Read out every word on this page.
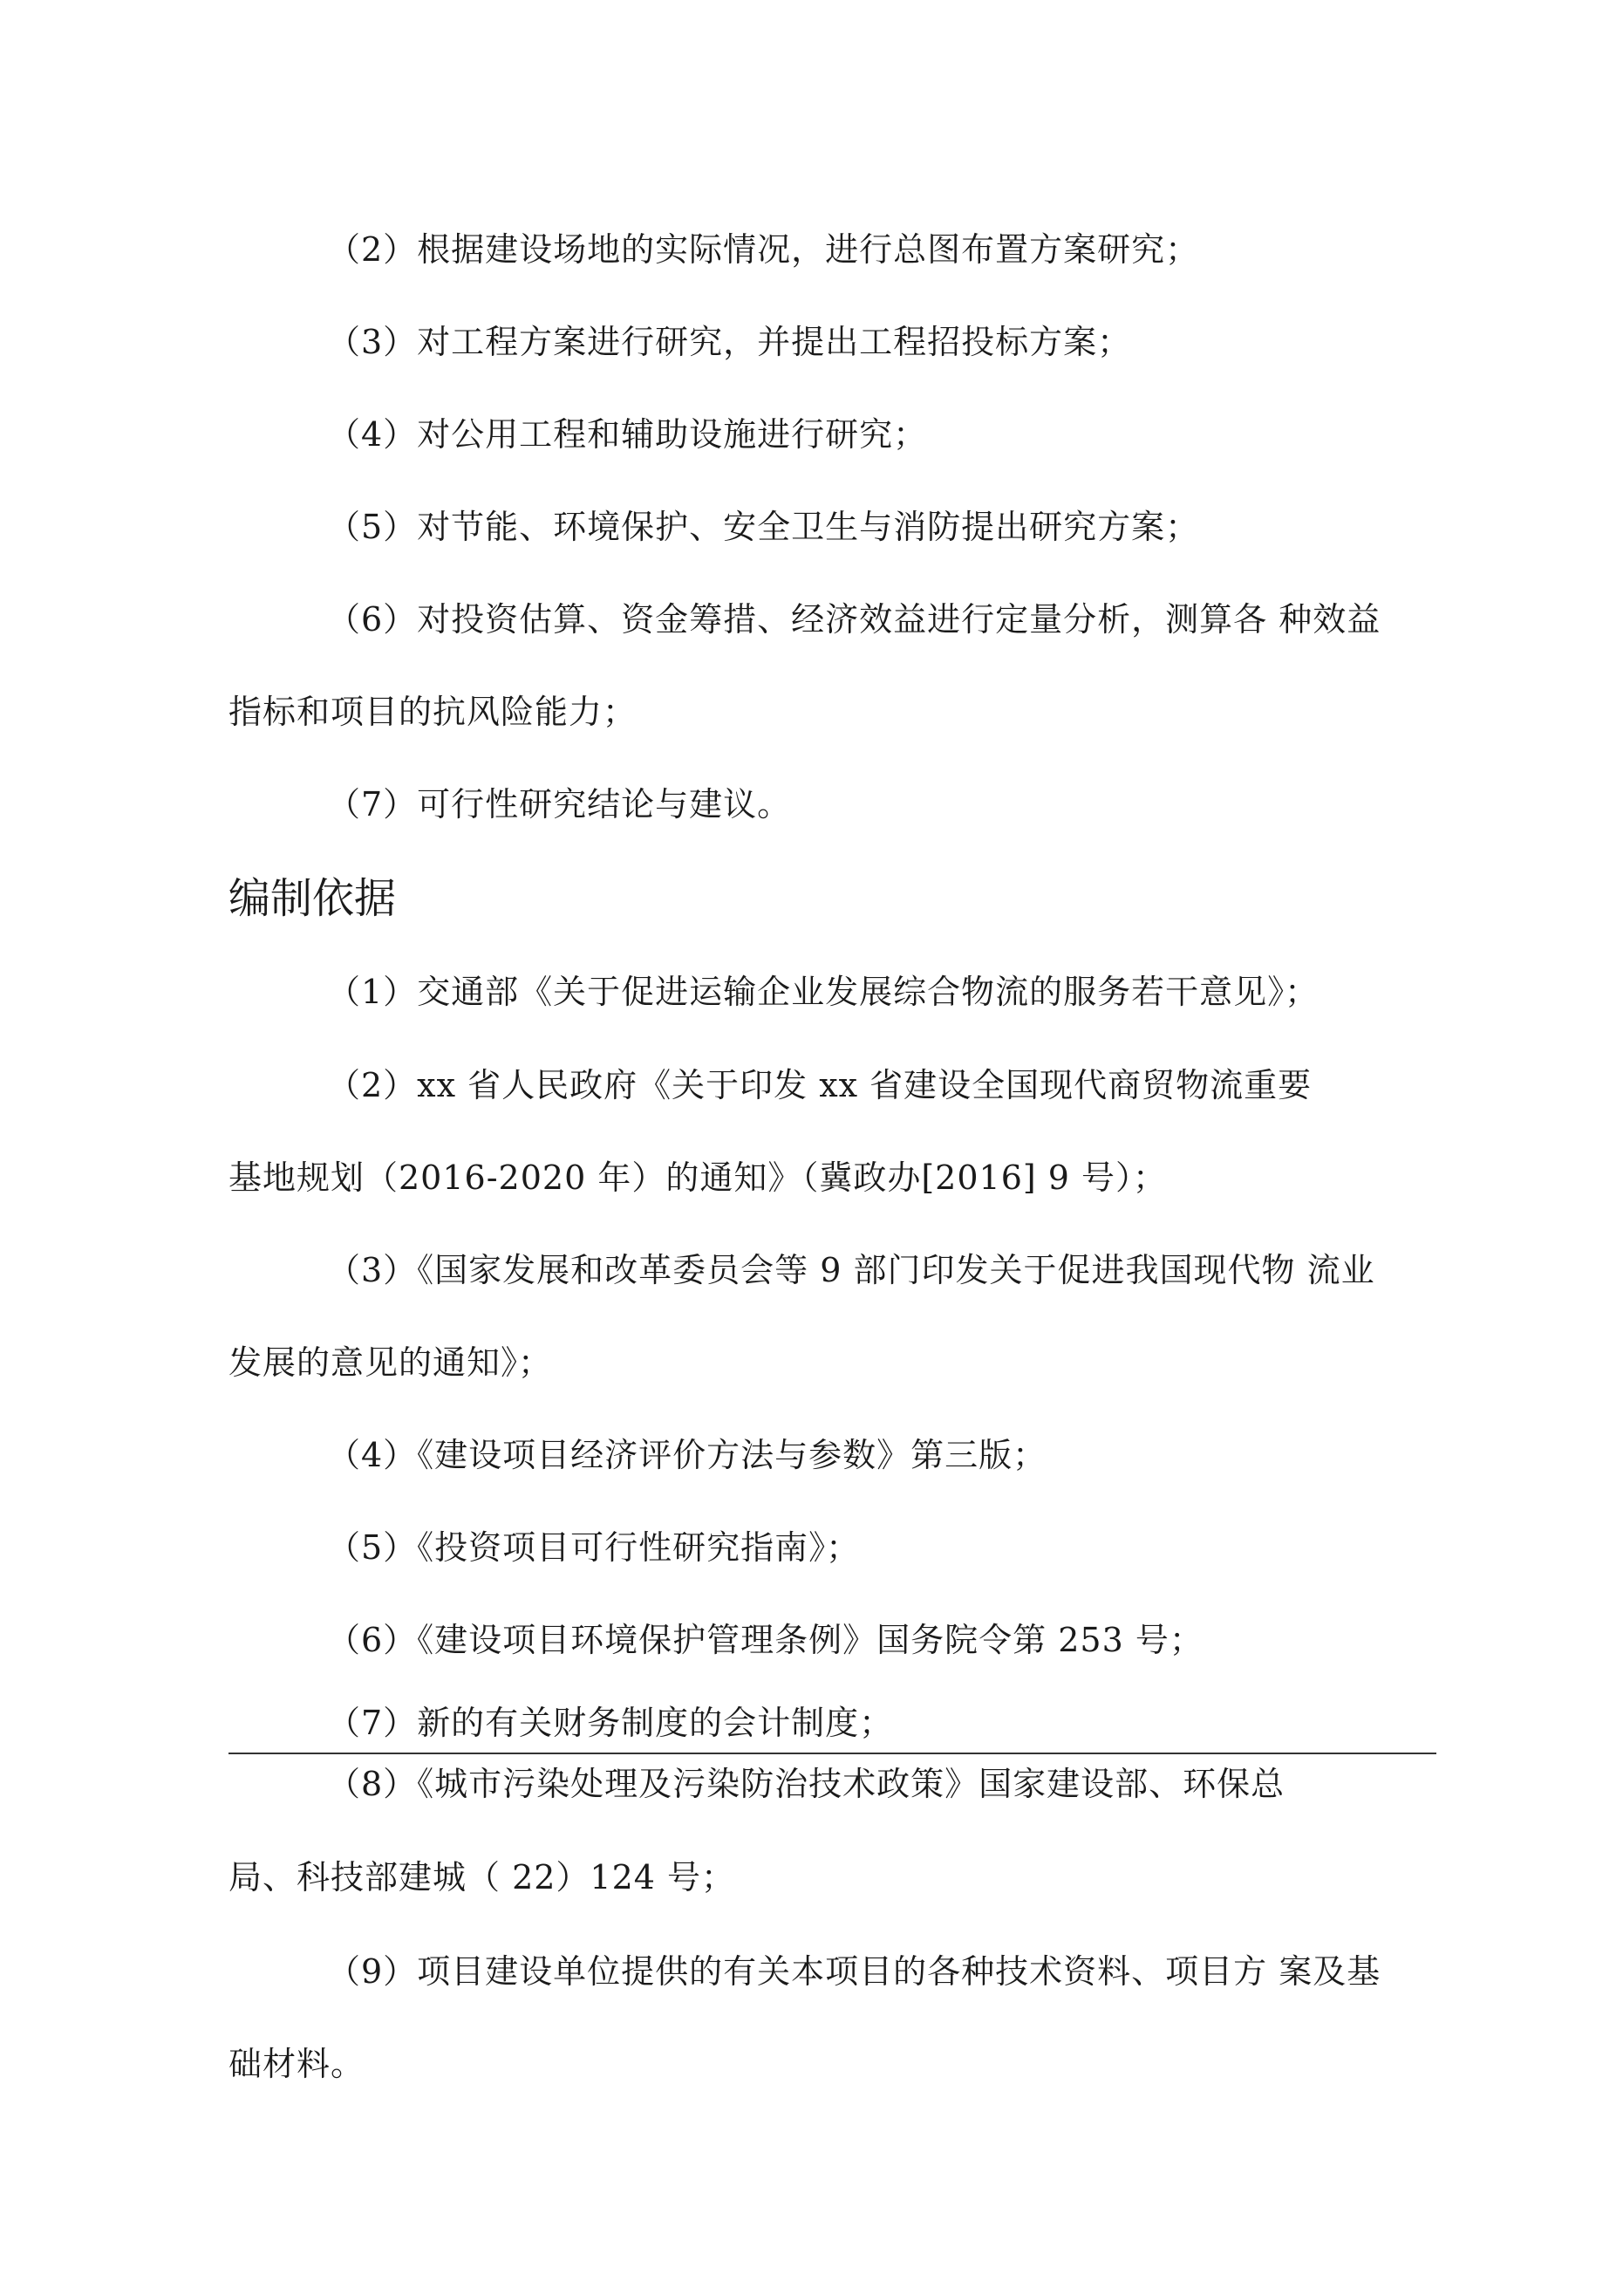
（2）根据建设场地的实际情况，进行总图布置方案研究；
（3）对工程方案进行研究，并提出工程招投标方案；
（4）对公用工程和辅助设施进行研究；
（5）对节能、环境保护、安全卫生与消防提出研究方案；
（6）对投资估算、资金筹措、经济效益进行定量分析，测算各 种效益
指标和项目的抗风险能力；
（7）可行性研究结论与建议。
编制依据
（1）交通部《关于促进运输企业发展综合物流的服务若干意见》；
（2）xx 省人民政府《关于印发 xx 省建设全国现代商贸物流重要
基地规划（2016-2020 年）的通知》（冀政办[2016] 9 号）；
（3）《国家发展和改革委员会等 9 部门印发关于促进我国现代物 流业
发展的意见的通知》；
（4）《建设项目经济评价方法与参数》第三版；
（5）《投资项目可行性研究指南》；
（6）《建设项目环境保护管理条例》国务院令第 253 号；
（7）新的有关财务制度的会计制度；
（8）《城市污染处理及污染防治技术政策》国家建设部、环保总
局、科技部建城（ 22）124 号；
（9）项目建设单位提供的有关本项目的各种技术资料、项目方 案及基
础材料。
